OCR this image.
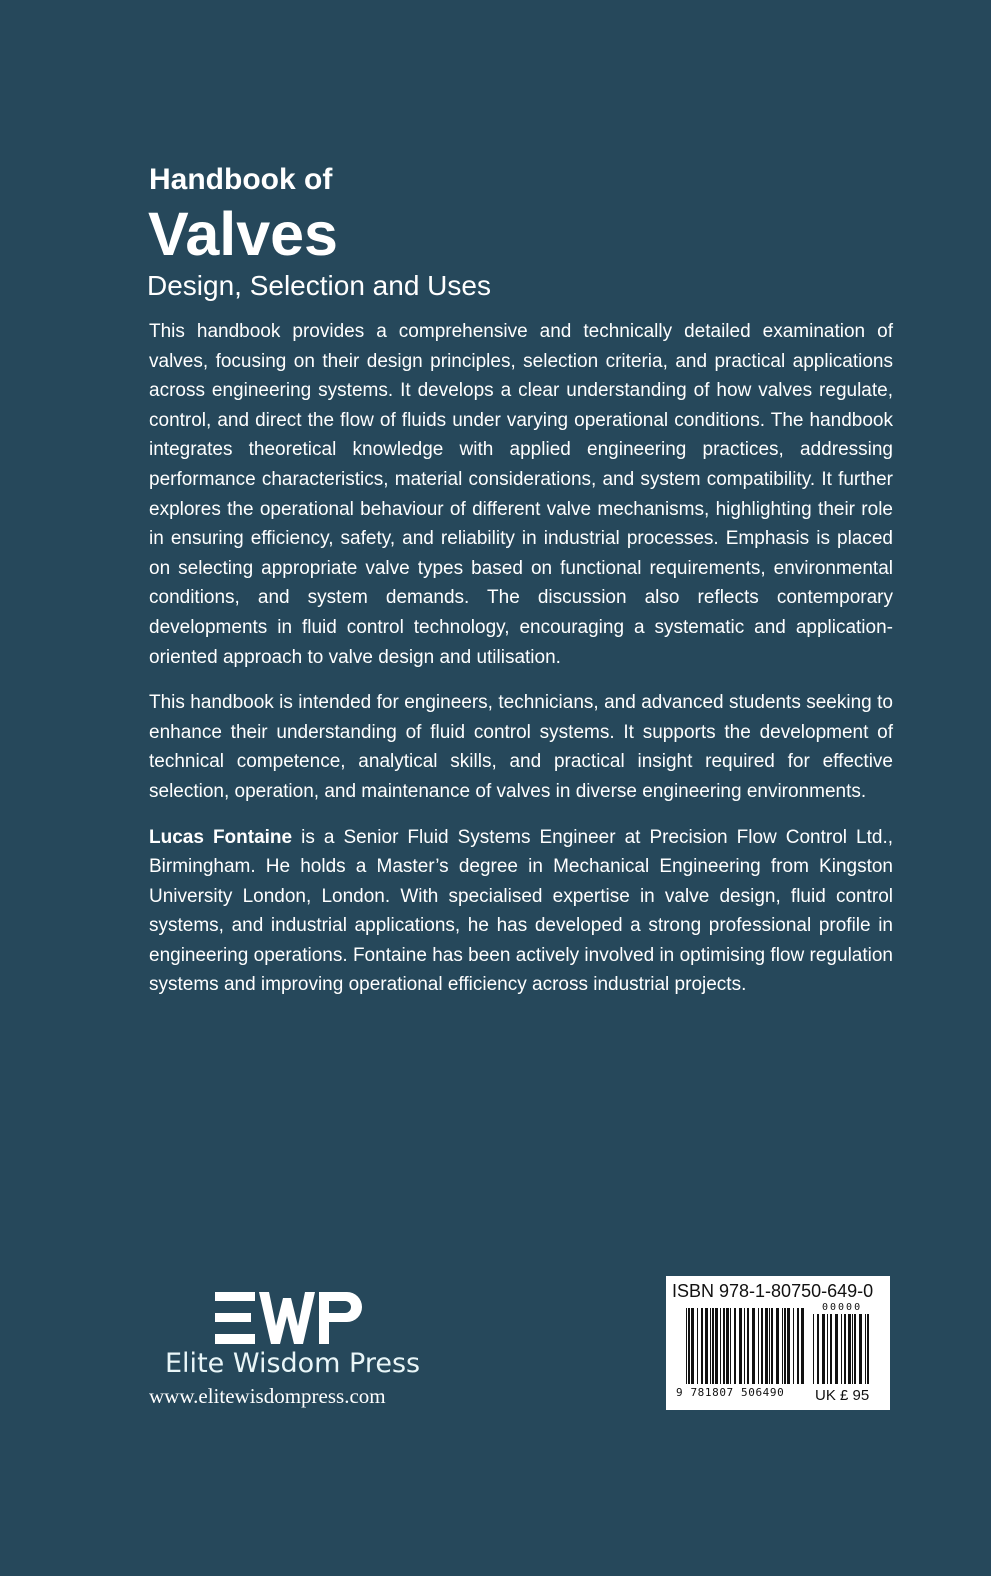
Handbook of
Valves
Design, Selection and Uses

This handbook provides a comprehensive and technically detailed examination of valves, focusing on their design principles, selection criteria, and practical applications across engineering systems. It develops a clear understanding of how valves regulate, control, and direct the flow of fluids under varying operational conditions. The handbook integrates theoretical knowledge with applied engineering practices, addressing performance characteristics, material considerations, and system compatibility. It further explores the operational behaviour of different valve mechanisms, highlighting their role in ensuring efficiency, safety, and reliability in industrial processes. Emphasis is placed on selecting appropriate valve types based on functional requirements, environmental conditions, and system demands. The discussion also reflects contemporary developments in fluid control technology, encouraging a systematic and application-oriented approach to valve design and utilisation.

This handbook is intended for engineers, technicians, and advanced students seeking to enhance their understanding of fluid control systems. It supports the development of technical competence, analytical skills, and practical insight required for effective selection, operation, and maintenance of valves in diverse engineering environments.

Lucas Fontaine is a Senior Fluid Systems Engineer at Precision Flow Control Ltd., Birmingham. He holds a Master’s degree in Mechanical Engineering from Kingston University London, London. With specialised expertise in valve design, fluid control systems, and industrial applications, he has developed a strong professional profile in engineering operations. Fontaine has been actively involved in optimising flow regulation systems and improving operational efficiency across industrial projects.

Elite Wisdom Press
www.elitewisdompress.com
ISBN 978-1-80750-649-0
00000
9 781807 506490 UK £ 95
